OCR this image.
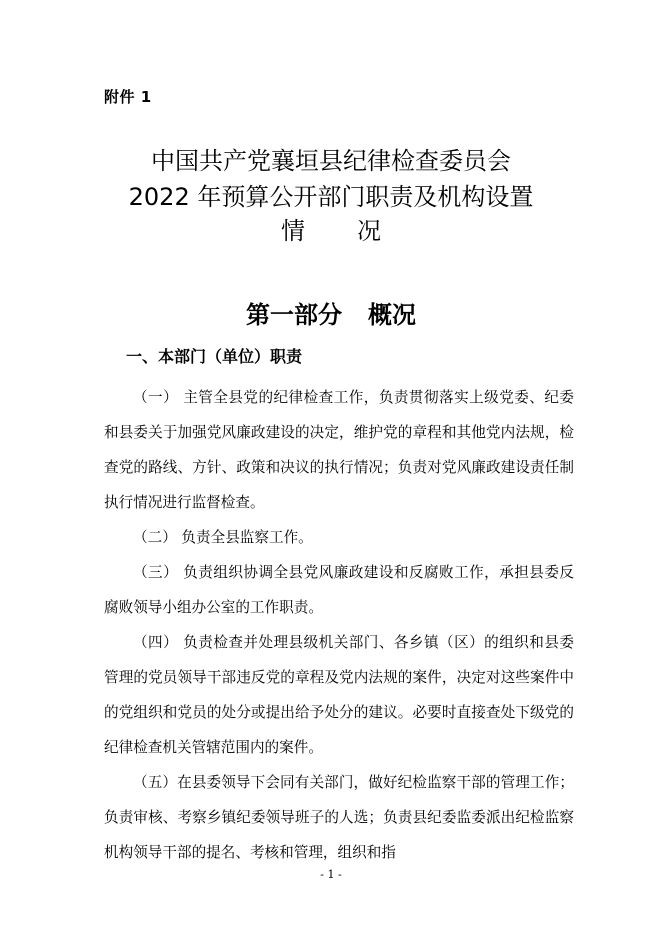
附件 1
中国共产党襄垣县纪律检查委员会
2022 年预算公开部门职责及机构设置
情 况
第一部分 概况
一、本部门（单位）职责

（一） 主管全县党的纪律检查工作，负责贯彻落实上级党委、纪委和县委关于加强党风廉政建设的决定，维护党的章程和其他党内法规，检查党的路线、方针、政策和决议的执行情况；负责对党风廉政建设责任制执行情况进行监督检查。

（二） 负责全县监察工作。

（三） 负责组织协调全县党风廉政建设和反腐败工作，承担县委反腐败领导小组办公室的工作职责。

（四） 负责检查并处理县级机关部门、各乡镇（区）的组织和县委管理的党员领导干部违反党的章程及党内法规的案件，决定对这些案件中的党组织和党员的处分或提出给予处分的建议。必要时直接查处下级党的纪律检查机关管辖范围内的案件。

（五）在县委领导下会同有关部门，做好纪检监察干部的管理工作；负责审核、考察乡镇纪委领导班子的人选；负责县纪委监委派出纪检监察机构领导干部的提名、考核和管理，组织和指

- 1 -
